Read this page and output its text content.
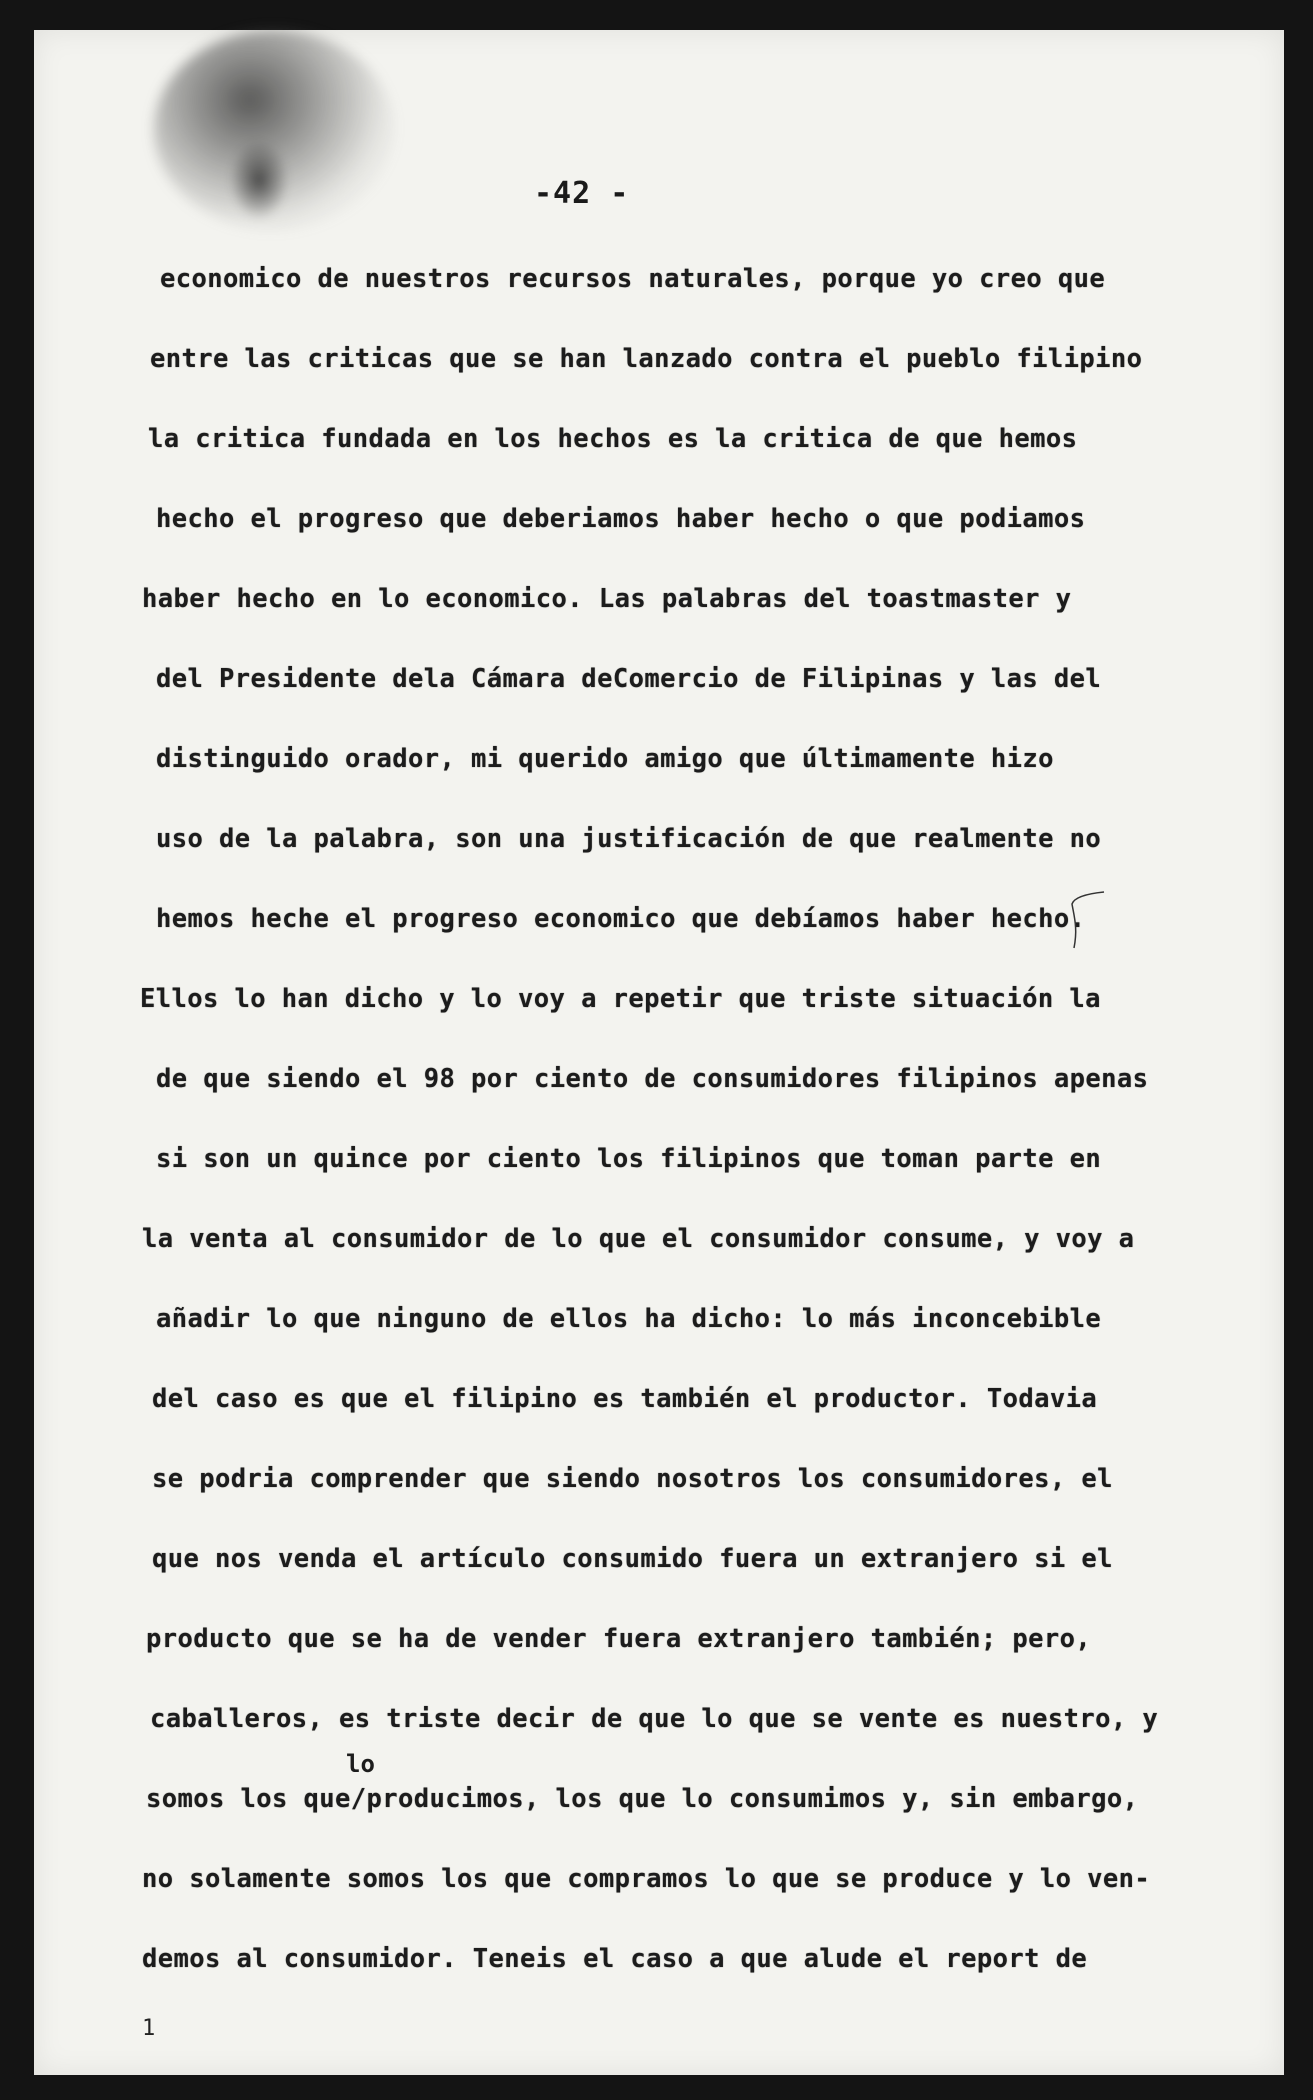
-42 -
economico de nuestros recursos naturales, porque yo creo que
entre las criticas que se han lanzado contra el pueblo filipino
la critica fundada en los hechos es la critica de que hemos
hecho el progreso que deberiamos haber hecho o que podiamos
haber hecho en lo economico. Las palabras del toastmaster y
del Presidente dela Cámara deComercio de Filipinas y las del
distinguido orador, mi querido amigo que últimamente hizo
uso de la palabra, son una justificación de que realmente no
hemos heche el progreso economico que debíamos haber hecho.
Ellos lo han dicho y lo voy a repetir que triste situación la
de que siendo el 98 por ciento de consumidores filipinos apenas
si son un quince por ciento los filipinos que toman parte en
la venta al consumidor de lo que el consumidor consume, y voy a
añadir lo que ninguno de ellos ha dicho: lo más inconcebible
del caso es que el filipino es también el productor. Todavia
se podria comprender que siendo nosotros los consumidores, el
que nos venda el artículo consumido fuera un extranjero si el
producto que se ha de vender fuera extranjero también; pero,
caballeros, es triste decir de que lo que se vente es nuestro, y
somos los que/producimos, los que lo consumimos y, sin embargo,
no solamente somos los que compramos lo que se produce y lo ven-
demos al consumidor. Teneis el caso a que alude el report de
lo
1
